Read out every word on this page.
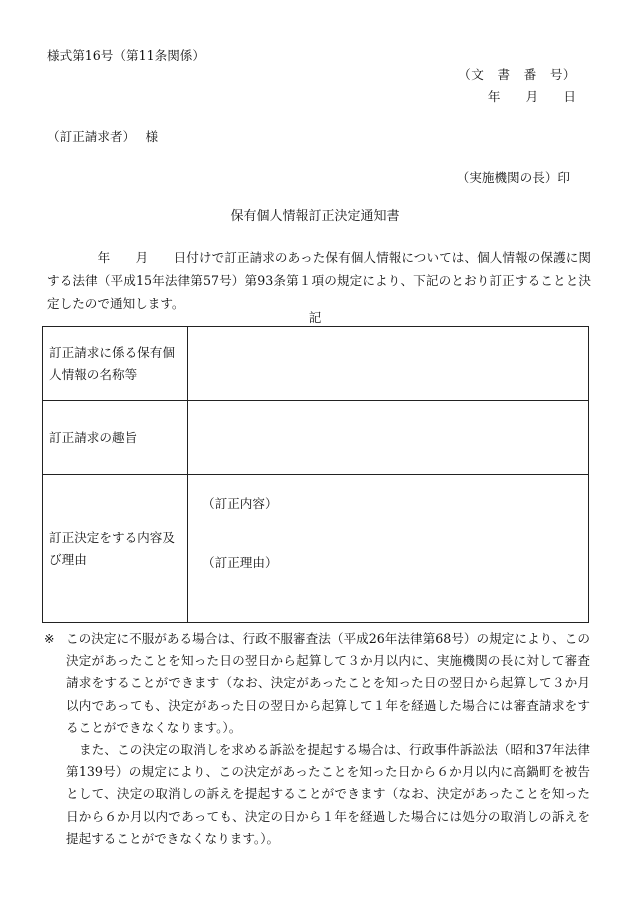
様式第16号（第11条関係）
（文　書　番　号）
年　　月　　日
（訂正請求者）　 様
（実施機関の長）印
保有個人情報訂正決定通知書

　　　　年　　月　　日付けで訂正請求のあった保有個人情報については、個人情報の保護に関する法律（平成15年法律第57号）第93条第１項の規定により、下記のとおり訂正することと決定したので通知します。

記
訂正請求に係る保有個人情報の名称等	
訂正請求の趣旨	
訂正決定をする内容及び理由	（訂正内容）
（訂正理由）

※ この決定に不服がある場合は、行政不服審査法（平成26年法律第68号）の規定により、この決定があったことを知った日の翌日から起算して３か月以内に、実施機関の長に対して審査請求をすることができます（なお、決定があったことを知った日の翌日から起算して３か月以内であっても、決定があった日の翌日から起算して１年を経過した場合には審査請求をすることができなくなります。）。

また、この決定の取消しを求める訴訟を提起する場合は、行政事件訴訟法（昭和37年法律第139号）の規定により、この決定があったことを知った日から６か月以内に高鍋町を被告として、決定の取消しの訴えを提起することができます（なお、決定があったことを知った日から６か月以内であっても、決定の日から１年を経過した場合には処分の取消しの訴えを提起することができなくなります。）。
